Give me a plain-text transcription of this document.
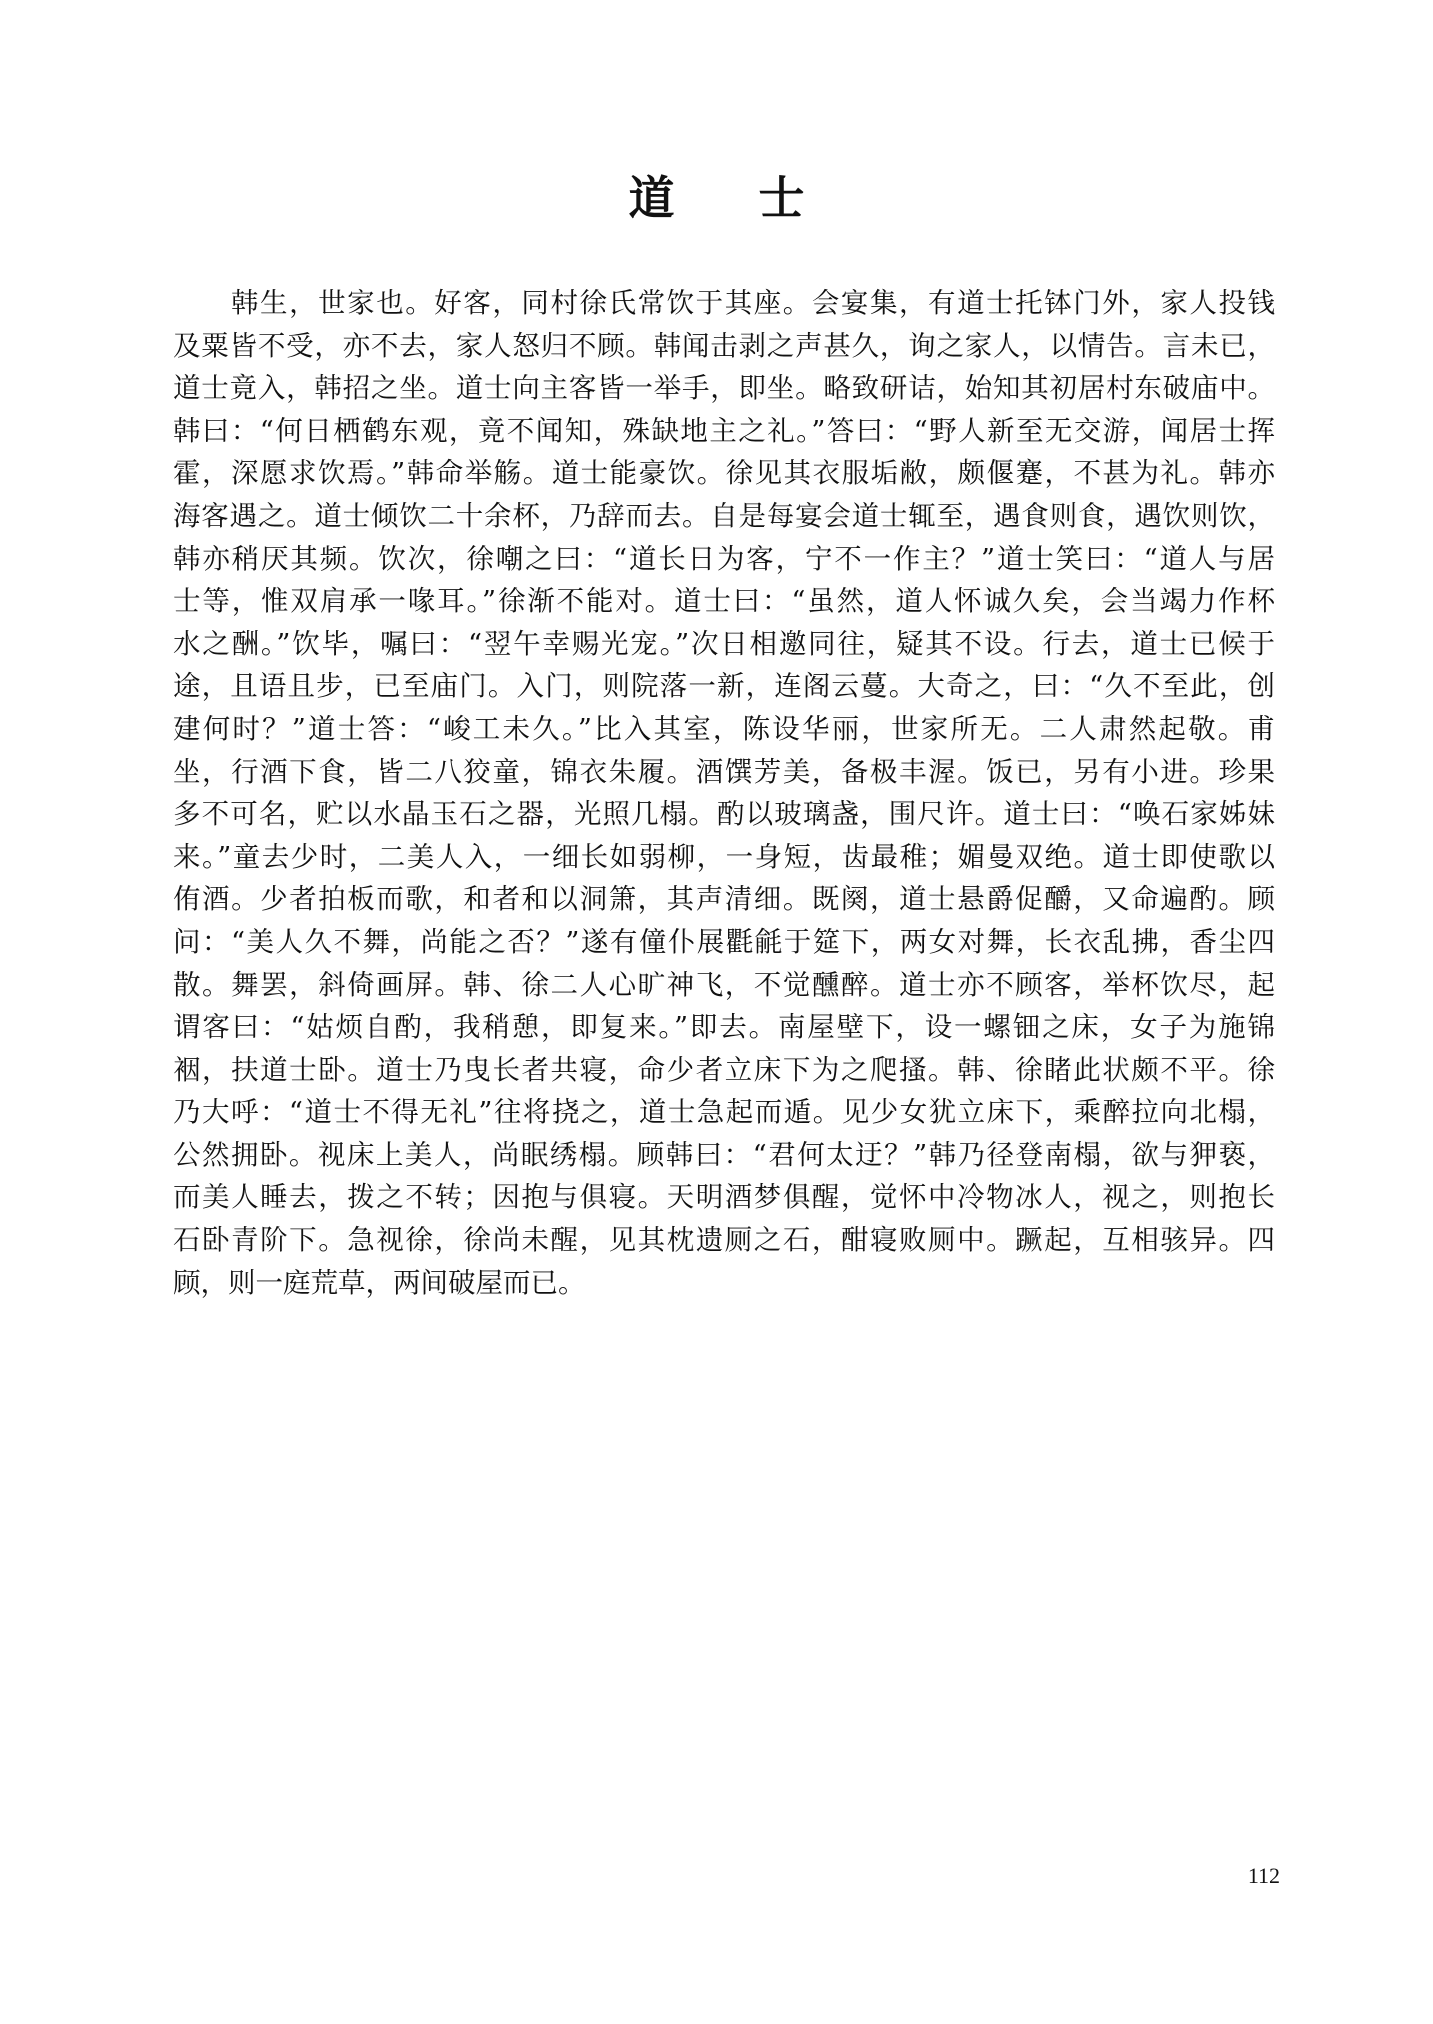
道 士
韩生，世家也。好客，同村徐氏常饮于其座。会宴集，有道士托钵门外，家人投钱
及粟皆不受，亦不去，家人怒归不顾。韩闻击剥之声甚久，询之家人，以情告。言未已，
道士竟入，韩招之坐。道士向主客皆一举手，即坐。略致研诘，始知其初居村东破庙中。
韩曰：“何日栖鹤东观，竟不闻知，殊缺地主之礼。”答曰：“野人新至无交游，闻居士挥
霍，深愿求饮焉。”韩命举觞。道士能豪饮。徐见其衣服垢敝，颇偃蹇，不甚为礼。韩亦
海客遇之。道士倾饮二十余杯，乃辞而去。自是每宴会道士辄至，遇食则食，遇饮则饮，
韩亦稍厌其频。饮次，徐嘲之曰：“道长日为客，宁不一作主？”道士笑曰：“道人与居
士等，惟双肩承一喙耳。”徐渐不能对。道士曰：“虽然，道人怀诚久矣，会当竭力作杯
水之酬。”饮毕，嘱曰：“翌午幸赐光宠。”次日相邀同往，疑其不设。行去，道士已候于
途，且语且步，已至庙门。入门，则院落一新，连阁云蔓。大奇之，曰：“久不至此，创
建何时？”道士答：“峻工未久。”比入其室，陈设华丽，世家所无。二人肃然起敬。甫
坐，行酒下食，皆二八狡童，锦衣朱履。酒馔芳美，备极丰渥。饭已，另有小进。珍果
多不可名，贮以水晶玉石之器，光照几榻。酌以玻璃盏，围尺许。道士曰：“唤石家姊妹
来。”童去少时，二美人入，一细长如弱柳，一身短，齿最稚；媚曼双绝。道士即使歌以
侑酒。少者拍板而歌，和者和以洞箫，其声清细。既阕，道士悬爵促釂，又命遍酌。顾
问：“美人久不舞，尚能之否？”遂有僮仆展氍毹于筵下，两女对舞，长衣乱拂，香尘四
散。舞罢，斜倚画屏。韩、徐二人心旷神飞，不觉醺醉。道士亦不顾客，举杯饮尽，起
谓客曰：“姑烦自酌，我稍憩，即复来。”即去。南屋壁下，设一螺钿之床，女子为施锦
裀，扶道士卧。道士乃曳长者共寝，命少者立床下为之爬搔。韩、徐睹此状颇不平。徐
乃大呼：“道士不得无礼”往将挠之，道士急起而遁。见少女犹立床下，乘醉拉向北榻，
公然拥卧。视床上美人，尚眠绣榻。顾韩曰：“君何太迂？”韩乃径登南榻，欲与狎亵，
而美人睡去，拨之不转；因抱与俱寝。天明酒梦俱醒，觉怀中冷物冰人，视之，则抱长
石卧青阶下。急视徐，徐尚未醒，见其枕遗厕之石，酣寝败厕中。蹶起，互相骇异。四
顾，则一庭荒草，两间破屋而已。
112
